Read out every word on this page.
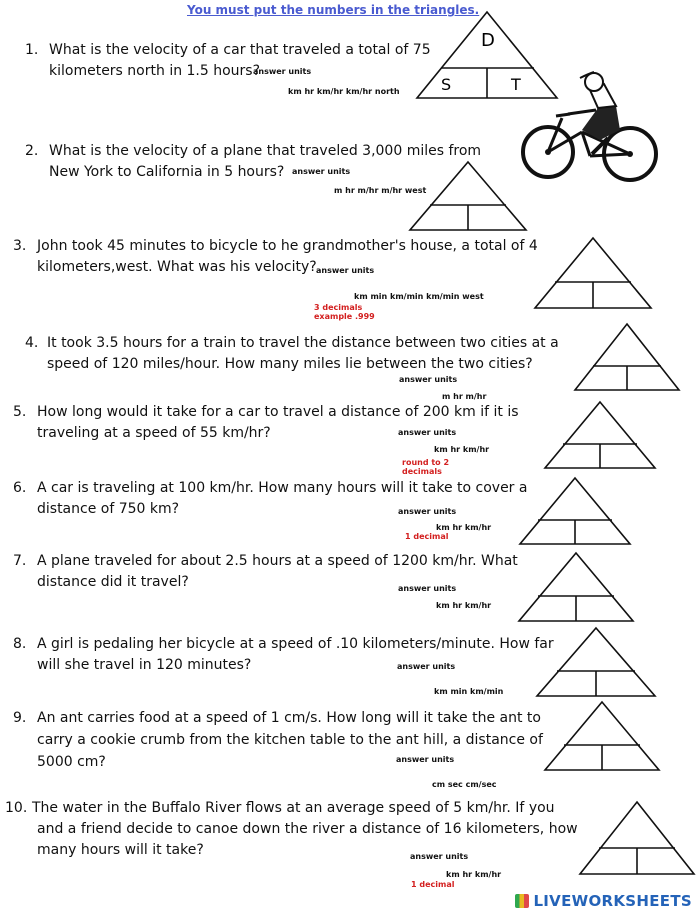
You must put the numbers in the triangles.
1. What is the velocity of a car that traveled a total of 75
kilometers north in 1.5 hours?
answer units
km hr km/hr km/hr north
D
S	T
2. What is the velocity of a plane that traveled 3,000 miles from
New York to California in 5 hours? answer units
m hr m/hr m/hr west
3. John took 45 minutes to bicycle to he grandmother's house, a total of 4
kilometers,west. What was his velocity? answer units
km min km/min km/min west
3 decimals
example .999
4. It took 3.5 hours for a train to travel the distance between two cities at a
speed of 120 miles/hour. How many miles lie between the two cities?
answer units
m hr m/hr
5. How long would it take for a car to travel a distance of 200 km if it is
traveling at a speed of 55 km/hr?	answer units
km hr km/hr
round to 2
decimals
6. A car is traveling at 100 km/hr. How many hours will it take to cover a
distance of 750 km?	answer units
km hr km/hr
1 decimal
7. A plane traveled for about 2.5 hours at a speed of 1200 km/hr. What
distance did it travel?	answer units
km hr km/hr
8. A girl is pedaling her bicycle at a speed of .10 kilometers/minute. How far
will she travel in 120 minutes?	answer units
km min km/min
9. An ant carries food at a speed of 1 cm/s. How long will it take the ant to
carry a cookie crumb from the kitchen table to the ant hill, a distance of
5000 cm?	answer units
cm sec cm/sec
10. The water in the Buffalo River flows at an average speed of 5 km/hr. If you
and a friend decide to canoe down the river a distance of 16 kilometers, how
many hours will it take?	answer units
km hr km/hr
1 decimal
LIVEWORKSHEETS
